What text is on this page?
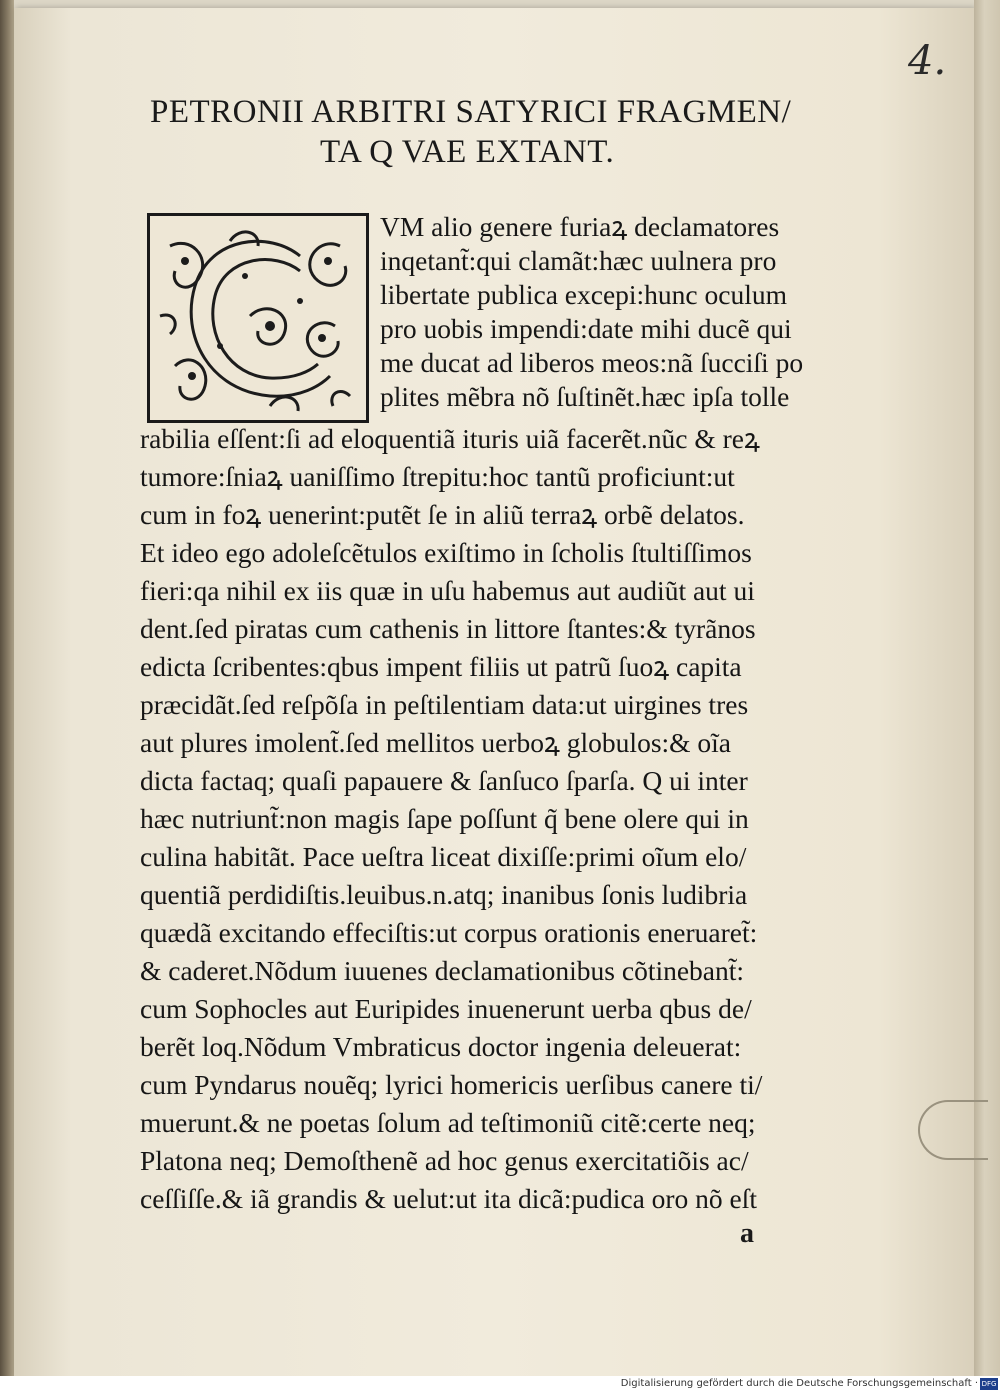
4.
PETRONII ARBITRI SATYRICI FRAGMEN/
TA Q VAE EXTANT.
VM alio genere furiaꝝ declamatores
inqetant̃:qui clamãt:hæc uulnera pro
libertate publica excepi:hunc oculum
pro uobis impendi:date mihi ducẽ qui
me ducat ad liberos meos:nã ſucciſi po
plites mẽbra nõ ſuſtinẽt.hæc ipſa tolle
rabilia eſſent:ſi ad eloquentiã ituris uiã facerẽt.nũc & reꝝ
tumore:ſniaꝝ uaniſſimo ſtrepitu:hoc tantũ proficiunt:ut
cum in foꝝ uenerint:putẽt ſe in aliũ terraꝝ orbẽ delatos.
Et ideo ego adoleſcẽtulos exiſtimo in ſcholis ſtultiſſimos
fieri:qa nihil ex iis quæ in uſu habemus aut audiũt aut ui
dent.ſed piratas cum cathenis in littore ſtantes:& tyrãnos
edicta ſcribentes:qbus impent filiis ut patrũ ſuoꝝ capita
præcidãt.ſed reſpõſa in peſtilentiam data:ut uirgines tres
aut plures imolent̃.ſed mellitos uerboꝝ globulos:& oĩa
dicta factaq; quaſi papauere & ſanſuco ſparſa. Q ui inter
hæc nutriunt̃:non magis ſape poſſunt q̃ bene olere qui in
culina habitãt. Pace ueſtra liceat dixiſſe:primi oĩum elo/
quentiã perdidiſtis.leuibus.n.atq; inanibus ſonis ludibria
quædã excitando effeciſtis:ut corpus orationis eneruaret̃:
& caderet.Nõdum iuuenes declamationibus cõtinebant̃:
cum Sophocles aut Euripides inuenerunt uerba qbus de/
berẽt loq.Nõdum Vmbraticus doctor ingenia deleuerat:
cum Pyndarus nouẽq; lyrici homericis uerſibus canere ti/
muerunt.& ne poetas ſolum ad teſtimoniũ citẽ:certe neq;
Platona neq; Demoſthenẽ ad hoc genus exercitatiõis ac/
ceſſiſſe.& iã grandis & uelut:ut ita dicã:pudica oro nõ eſt
a
Digitalisierung gefördert durch die Deutsche Forschungsgemeinschaft · DFG
